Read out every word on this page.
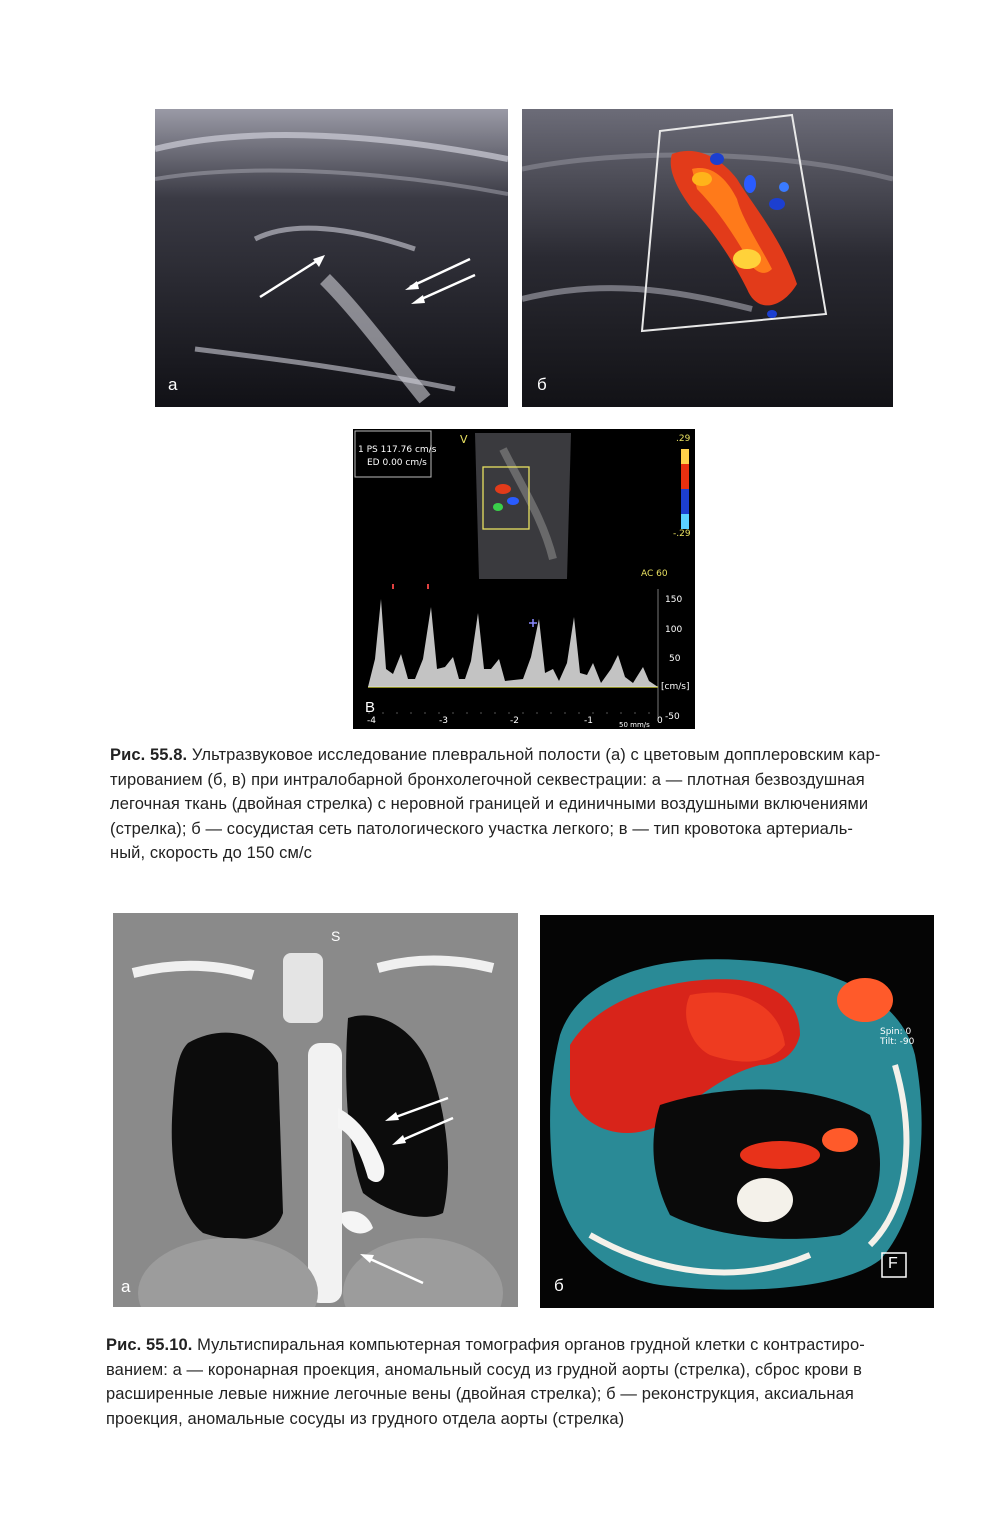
а	б
1 PS 117.76 cm/s
ED 0.00 cm/s
V	.29
-.29
AC 60
150
100
50
[cm/s]
-50
-4	-3	-2	-1	0
50 mm/s
В
Рис. 55.8. Ультразвуковое исследование плевральной полости (а) с цветовым допплеровским кар-
тированием (б, в) при интралобарной бронхолегочной секвестрации: а — плотная безвоздушная
легочная ткань (двойная стрелка) с неровной границей и единичными воздушными включениями
(стрелка); б — сосудистая сеть патологического участка легкого; в — тип кровотока артериаль-
ный, скорость до 150 см/с
S
а
Spin: 0
Tilt: -90
F
б
Рис. 55.10. Мультиспиральная компьютерная томография органов грудной клетки с контрастиро-
ванием: а — коронарная проекция, аномальный сосуд из грудной аорты (стрелка), сброс крови в
расширенные левые нижние легочные вены (двойная стрелка); б — реконструкция, аксиальная
проекция, аномальные сосуды из грудного отдела аорты (стрелка)
